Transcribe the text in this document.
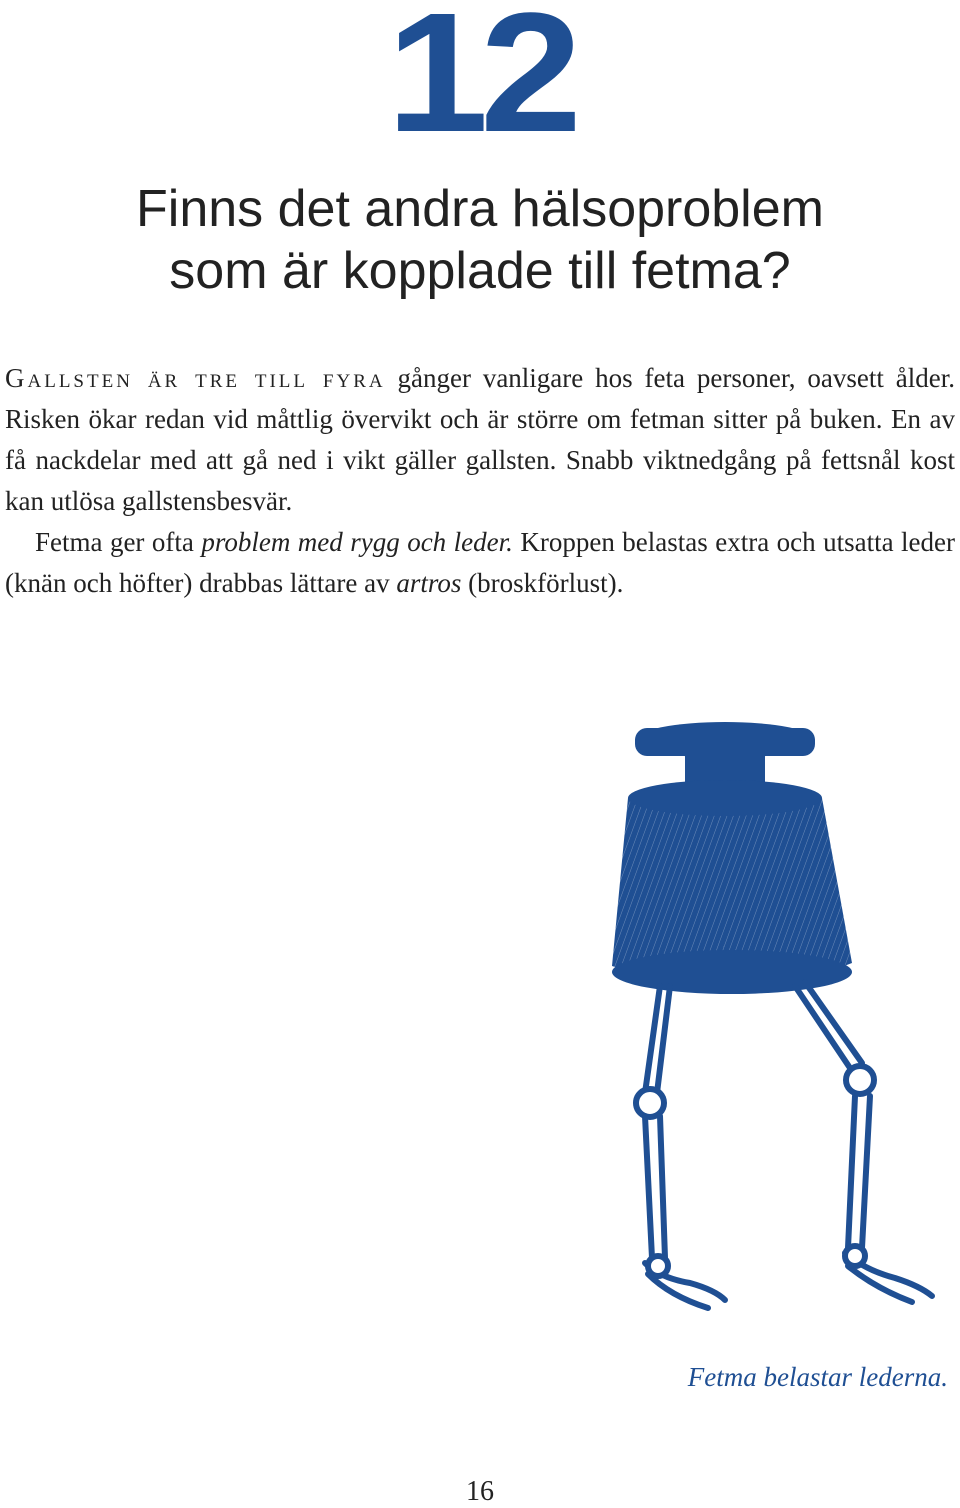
12
Finns det andra hälsoproblem
som är kopplade till fetma?

Gallsten är tre till fyra gånger vanligare hos feta personer, oavsett ålder. Risken ökar redan vid måttlig övervikt och är större om fetman sitter på buken. En av få nackdelar med att gå ned i vikt gäller gallsten. Snabb viktnedgång på fettsnål kost kan utlösa gallstensbesvär.

Fetma ger ofta problem med rygg och leder. Kroppen belastas extra och utsatta leder (knän och höfter) drabbas lättare av artros (broskförlust).

Fetma belastar lederna.

16
